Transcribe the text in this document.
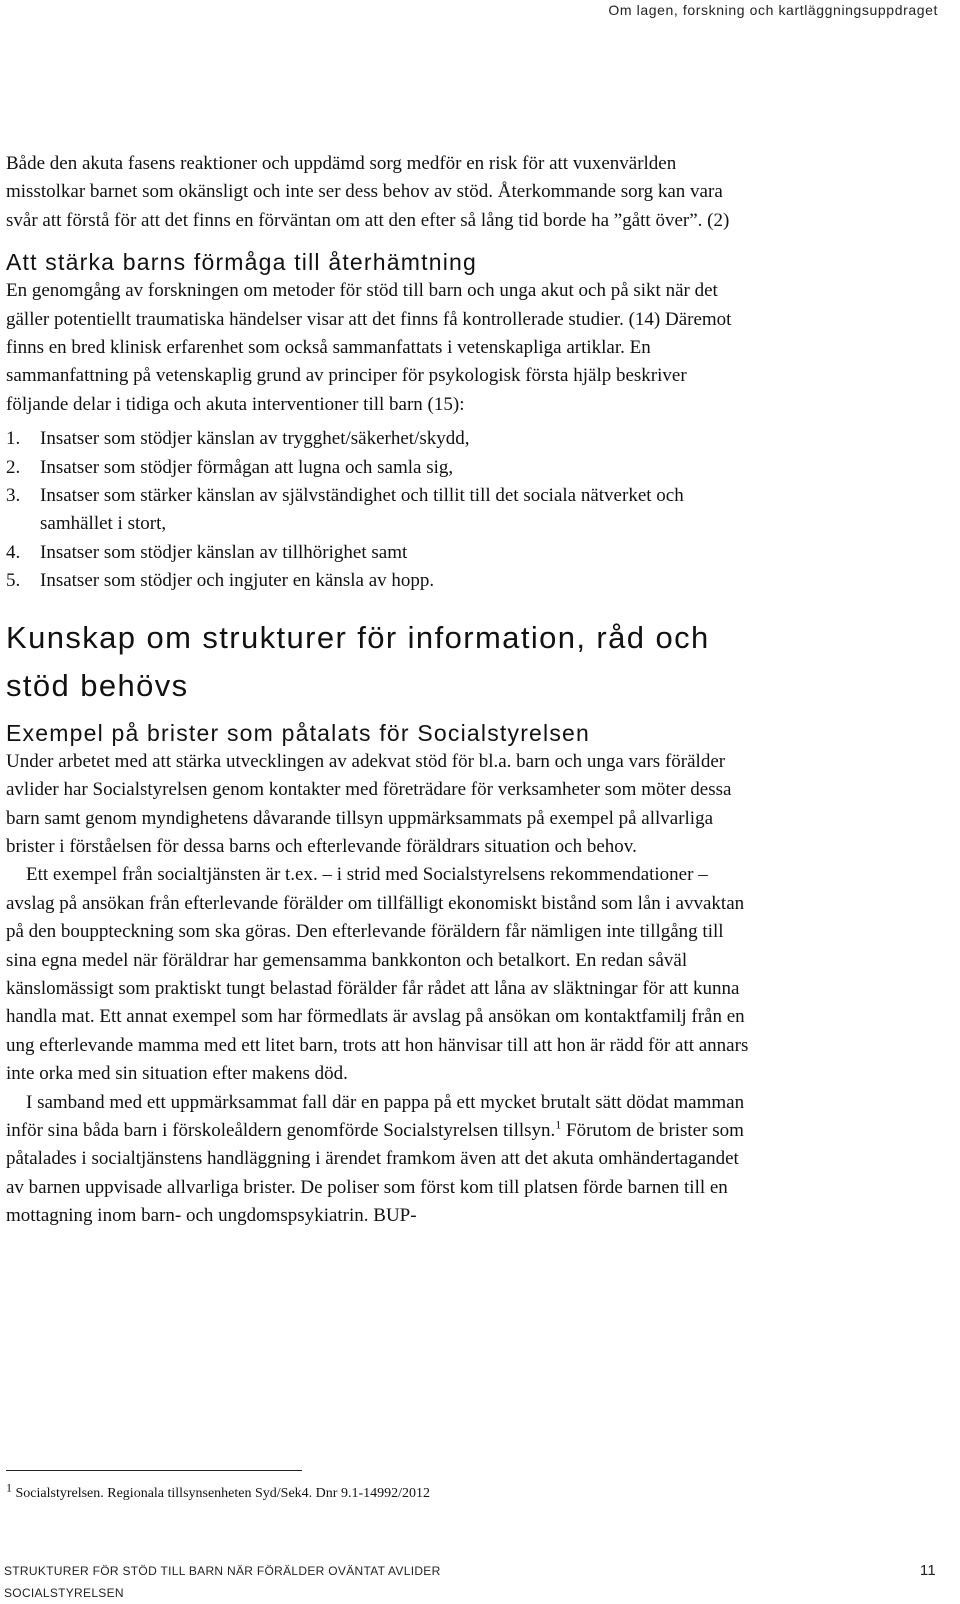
Om lagen, forskning och kartläggningsuppdraget

Både den akuta fasens reaktioner och uppdämd sorg medför en risk för att vuxenvärlden misstolkar barnet som okänsligt och inte ser dess behov av stöd. Återkommande sorg kan vara svår att förstå för att det finns en förväntan om att den efter så lång tid borde ha ”gått över”. (2)

Att stärka barns förmåga till återhämtning

En genomgång av forskningen om metoder för stöd till barn och unga akut och på sikt när det gäller potentiellt traumatiska händelser visar att det finns få kontrollerade studier. (14) Däremot finns en bred klinisk erfarenhet som också sammanfattats i vetenskapliga artiklar. En sammanfattning på vetenskaplig grund av principer för psykologisk första hjälp beskriver följande delar i tidiga och akuta interventioner till barn (15):

1.	Insatser som stödjer känslan av trygghet/säkerhet/skydd,
2.	Insatser som stödjer förmågan att lugna och samla sig,
3.	Insatser som stärker känslan av självständighet och tillit till det sociala nätverket och samhället i stort,
4.	Insatser som stödjer känslan av tillhörighet samt
5.	Insatser som stödjer och ingjuter en känsla av hopp.
Kunskap om strukturer för information, råd och stöd behövs
Exempel på brister som påtalats för Socialstyrelsen

Under arbetet med att stärka utvecklingen av adekvat stöd för bl.a. barn och unga vars förälder avlider har Socialstyrelsen genom kontakter med företrädare för verksamheter som möter dessa barn samt genom myndighetens dåvarande tillsyn uppmärksammats på exempel på allvarliga brister i förståelsen för dessa barns och efterlevande föräldrars situation och behov.

Ett exempel från socialtjänsten är t.ex. – i strid med Socialstyrelsens rekommendationer – avslag på ansökan från efterlevande förälder om tillfälligt ekonomiskt bistånd som lån i avvaktan på den bouppteckning som ska göras. Den efterlevande föräldern får nämligen inte tillgång till sina egna medel när föräldrar har gemensamma bankkonton och betalkort. En redan såväl känslomässigt som praktiskt tungt belastad förälder får rådet att låna av släktningar för att kunna handla mat. Ett annat exempel som har förmedlats är avslag på ansökan om kontaktfamilj från en ung efterlevande mamma med ett litet barn, trots att hon hänvisar till att hon är rädd för att annars inte orka med sin situation efter makens död.

I samband med ett uppmärksammat fall där en pappa på ett mycket brutalt sätt dödat mamman inför sina båda barn i förskoleåldern genomförde Socialstyrelsen tillsyn.$^1$ Förutom de brister som påtalades i socialtjänstens handläggning i ärendet framkom även att det akuta omhändertagandet av barnen uppvisade allvarliga brister. De poliser som först kom till platsen förde barnen till en mottagning inom barn- och ungdomspsykiatrin. BUP-

$^1$ Socialstyrelsen. Regionala tillsynsenheten Syd/Sek4. Dnr 9.1-14992/2012
STRUKTURER FÖR STÖD TILL BARN NÄR FÖRÄLDER OVÄNTAT AVLIDER
SOCIALSTYRELSEN
11
